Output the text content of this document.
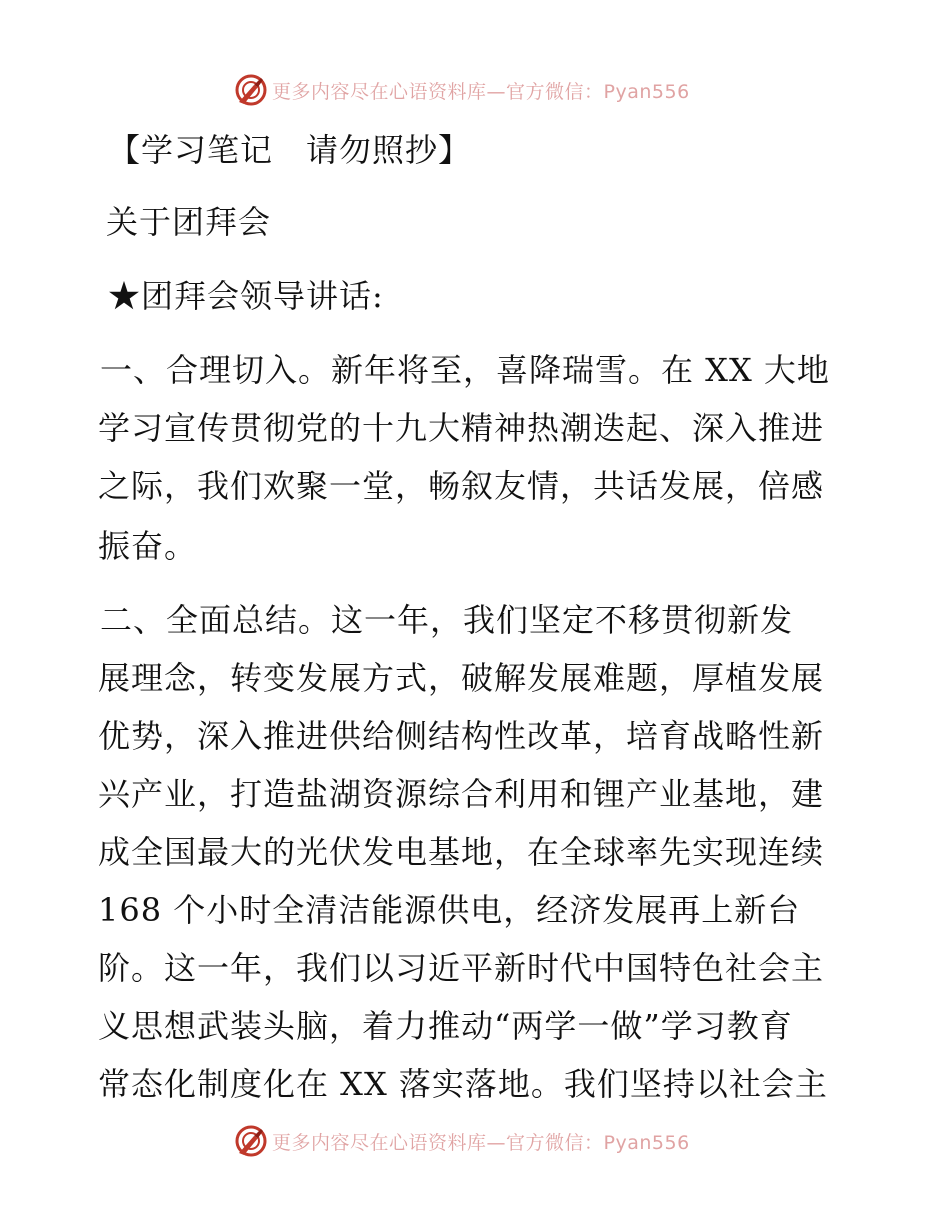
更多内容尽在心语资料库—官方微信：Pyan556
【学习笔记　请勿照抄】
关于团拜会
★团拜会领导讲话:
一、合理切入。新年将至，喜降瑞雪。在 XX 大地
学习宣传贯彻党的十九大精神热潮迭起、深入推进
之际，我们欢聚一堂，畅叙友情，共话发展，倍感
振奋。
二、全面总结。这一年，我们坚定不移贯彻新发
展理念，转变发展方式，破解发展难题，厚植发展
优势，深入推进供给侧结构性改革，培育战略性新
兴产业，打造盐湖资源综合利用和锂产业基地，建
成全国最大的光伏发电基地，在全球率先实现连续
168 个小时全清洁能源供电，经济发展再上新台
阶。这一年，我们以习近平新时代中国特色社会主
义思想武装头脑，着力推动“两学一做”学习教育
常态化制度化在 XX 落实落地。我们坚持以社会主
更多内容尽在心语资料库—官方微信：Pyan556
